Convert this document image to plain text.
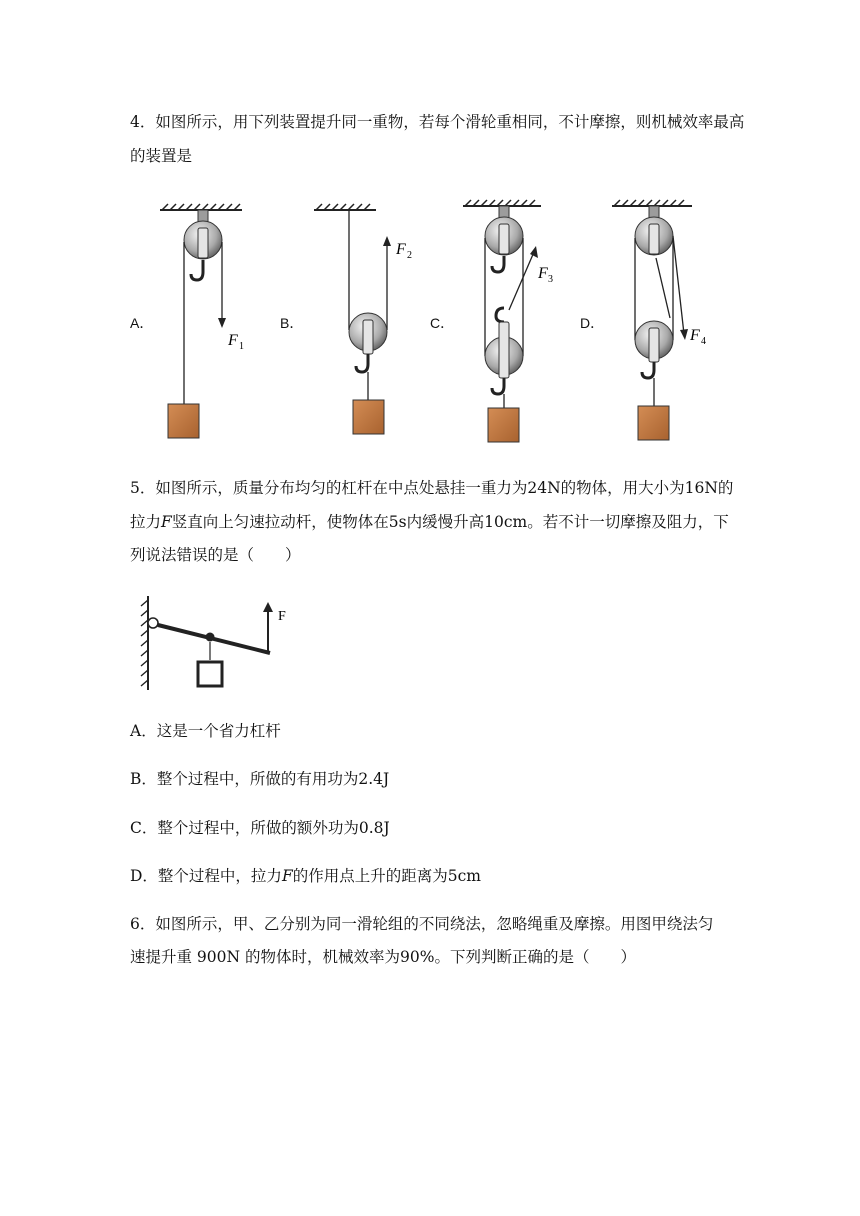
4．如图所示，用下列装置提升同一重物，若每个滑轮重相同，不计摩擦，则机械效率最高
的装置是
A．	B．	C．	D．
F 1
F 2
F 3
F 4
5．如图所示，质量分布均匀的杠杆在中点处悬挂一重力为24N的物体，用大小为16N的
拉力F竖直向上匀速拉动杆，使物体在5s内缓慢升高10cm。若不计一切摩擦及阻力，下
列说法错误的是（　　）
F
A．这是一个省力杠杆
B．整个过程中，所做的有用功为2.4J
C．整个过程中，所做的额外功为0.8J
D．整个过程中，拉力F的作用点上升的距离为5cm
6．如图所示，甲、乙分别为同一滑轮组的不同绕法，忽略绳重及摩擦。用图甲绕法匀
速提升重 900N 的物体时，机械效率为90%。下列判断正确的是（　　）
